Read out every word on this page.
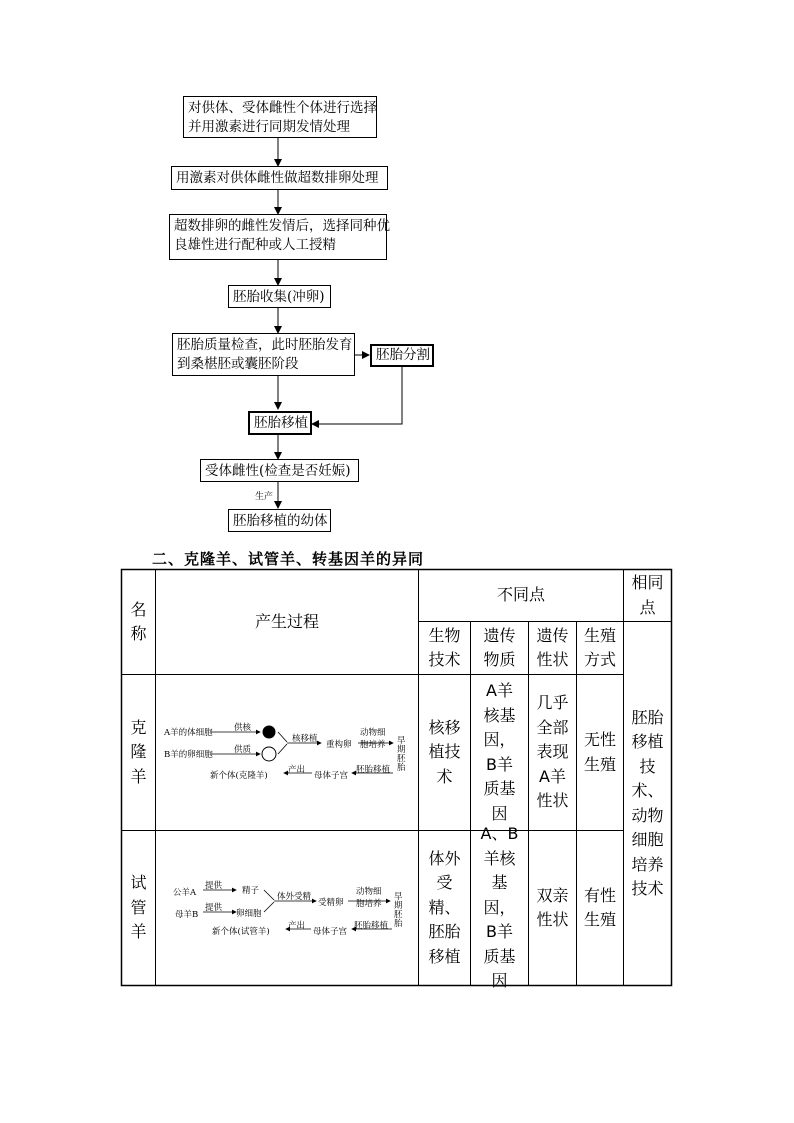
对供体、受体雌性个体进行选择
并用激素进行同期发情处理
用激素对供体雌性做超数排卵处理
超数排卵的雌性发情后，选择同种优
良雄性进行配种或人工授精
胚胎收集(冲卵)
胚胎质量检查，此时胚胎发育
到桑椹胚或囊胚阶段
胚胎分割
胚胎移植
受体雌性(检查是否妊娠)
生产
胚胎移植的幼体
二、克隆羊、试管羊、转基因羊的异同
名称
产生过程
不同点
相同点
生物技术
遗传物质
遗传性状
生殖方式
克隆羊
核移植技术
A羊核基因，B羊质基因
几乎全部表现A羊性状
无性生殖
试管羊
体外受精、胚胎移植
A、B羊核基因，B羊质基因
双亲性状
有性生殖
胚胎移植技术、动物细胞培养技术
A羊的体细胞
B羊的卵细胞
供核
供质
核移植
重构卵
动物细胞培养 早期胚胎
胚胎移植
母体子宫
产出
新个体(克隆羊)
公羊A
母羊B
提供
提供
精子
卵细胞
体外受精
受精卵
动物细胞培养
早期胚胎
胚胎移植
母体子宫
产出
新个体(试管羊)
